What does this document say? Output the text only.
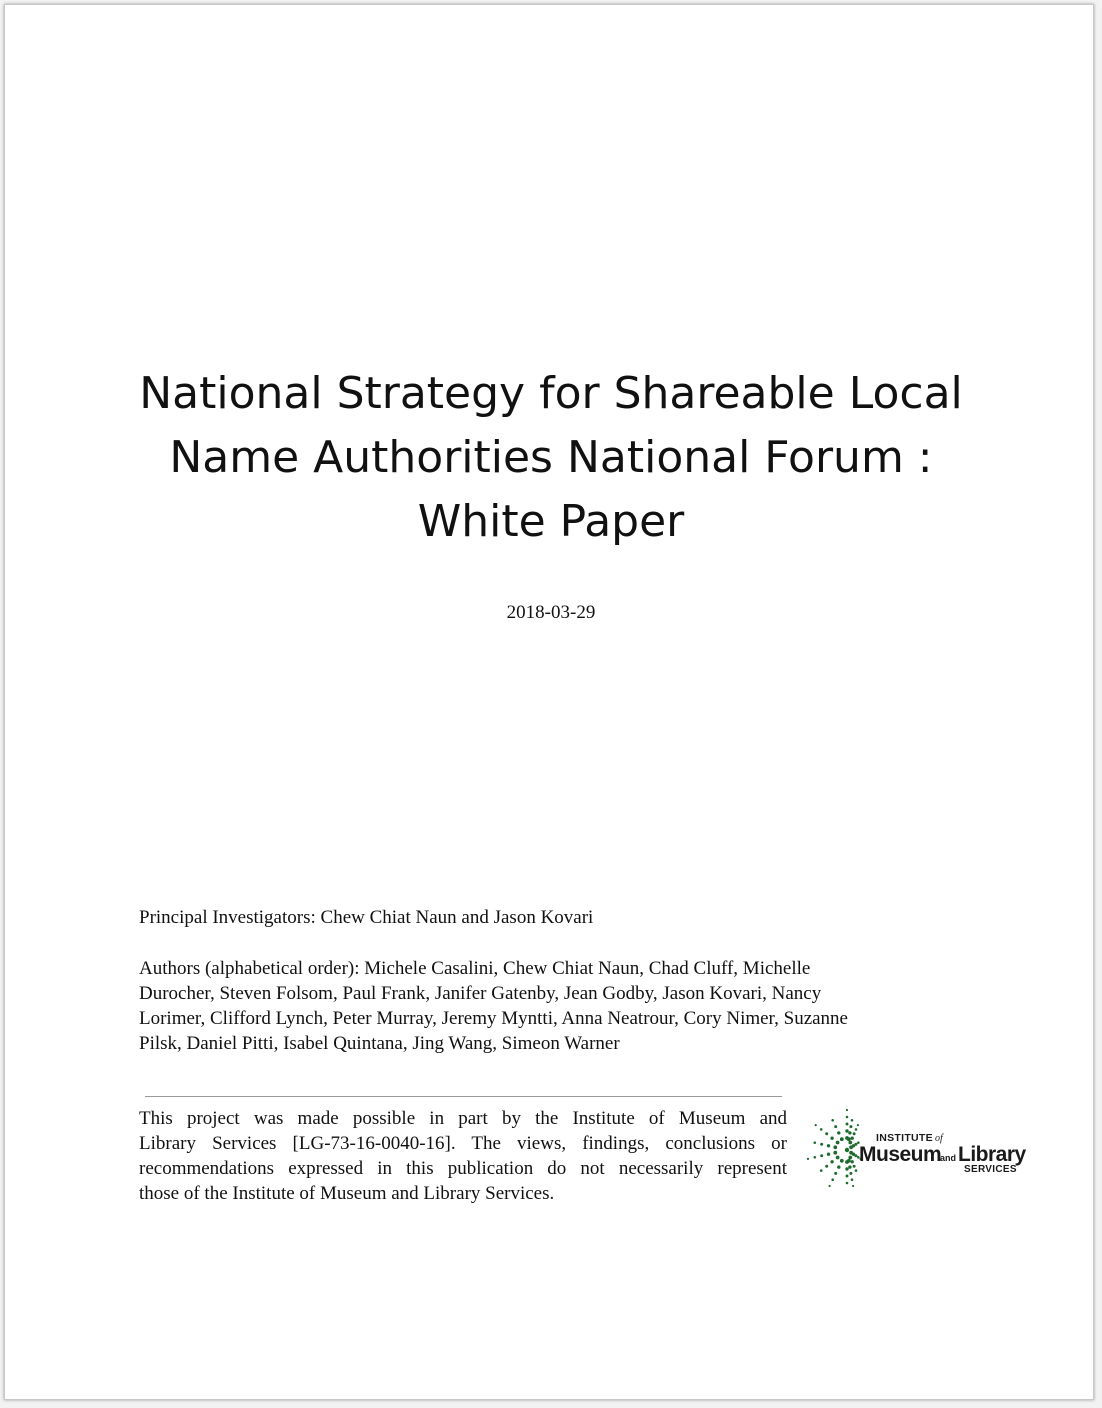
National Strategy for Shareable Local
Name Authorities National Forum :
White Paper
2018-03-29
Principal Investigators: Chew Chiat Naun and Jason Kovari
Authors (alphabetical order): Michele Casalini, Chew Chiat Naun, Chad Cluff, Michelle
Durocher, Steven Folsom, Paul Frank, Janifer Gatenby, Jean Godby, Jason Kovari, Nancy
Lorimer, Clifford Lynch, Peter Murray, Jeremy Myntti, Anna Neatrour, Cory Nimer, Suzanne
Pilsk, Daniel Pitti, Isabel Quintana, Jing Wang, Simeon Warner
This project was made possible in part by the Institute of Museum and
Library Services [LG-73-16-0040-16]. The views, findings, conclusions or
recommendations expressed in this publication do not necessarily represent
those of the Institute of Museum and Library Services.
INSTITUTE of
Museum
and Library
SERVICES
